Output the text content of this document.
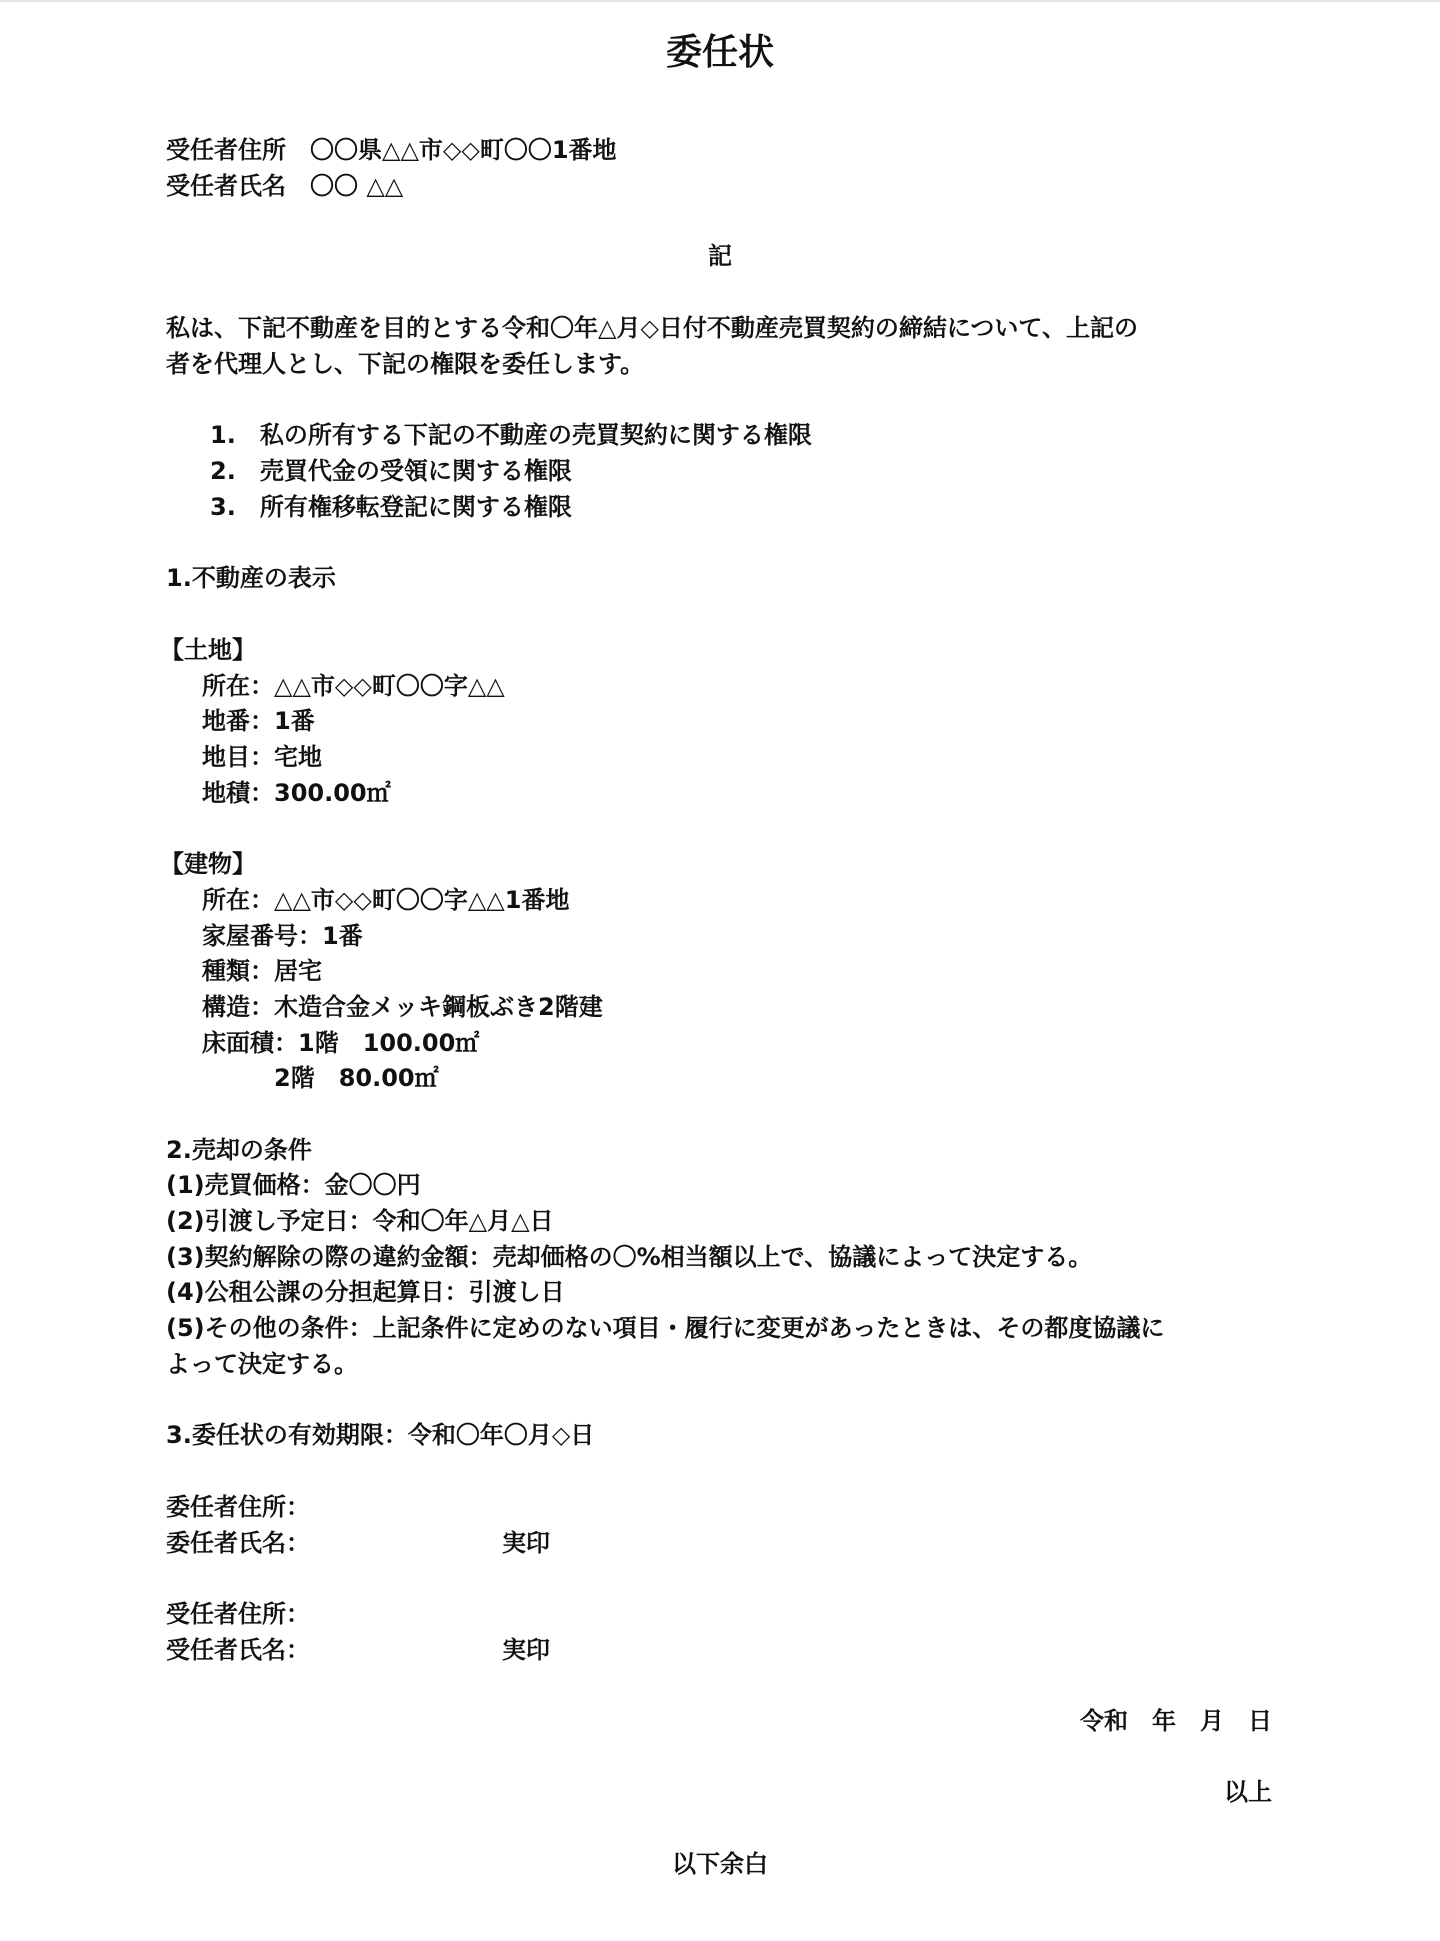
委任状
受任者住所　〇〇県△△市◇◇町〇〇1番地
受任者氏名　〇〇 △△
記
私は、下記不動産を目的とする令和〇年△月◇日付不動産売買契約の締結について、上記の
者を代理人とし、下記の権限を委任します。
1.　私の所有する下記の不動産の売買契約に関する権限
2.　売買代金の受領に関する権限
3.　所有権移転登記に関する権限
1.不動産の表示
【土地】
所在：△△市◇◇町〇〇字△△
地番：1番
地目：宅地
地積：300.00㎡
【建物】
所在：△△市◇◇町〇〇字△△1番地
家屋番号：1番
種類：居宅
構造：木造合金メッキ鋼板ぶき2階建
床面積：1階　100.00㎡
2階　80.00㎡
2.売却の条件
(1)売買価格：金〇〇円
(2)引渡し予定日：令和〇年△月△日
(3)契約解除の際の違約金額：売却価格の〇%相当額以上で、協議によって決定する。
(4)公租公課の分担起算日：引渡し日
(5)その他の条件：上記条件に定めのない項目・履行に変更があったときは、その都度協議に
よって決定する。
3.委任状の有効期限：令和〇年〇月◇日
委任者住所：
委任者氏名：	実印
受任者住所：
受任者氏名：	実印
令和　年　月　日
以上
以下余白
